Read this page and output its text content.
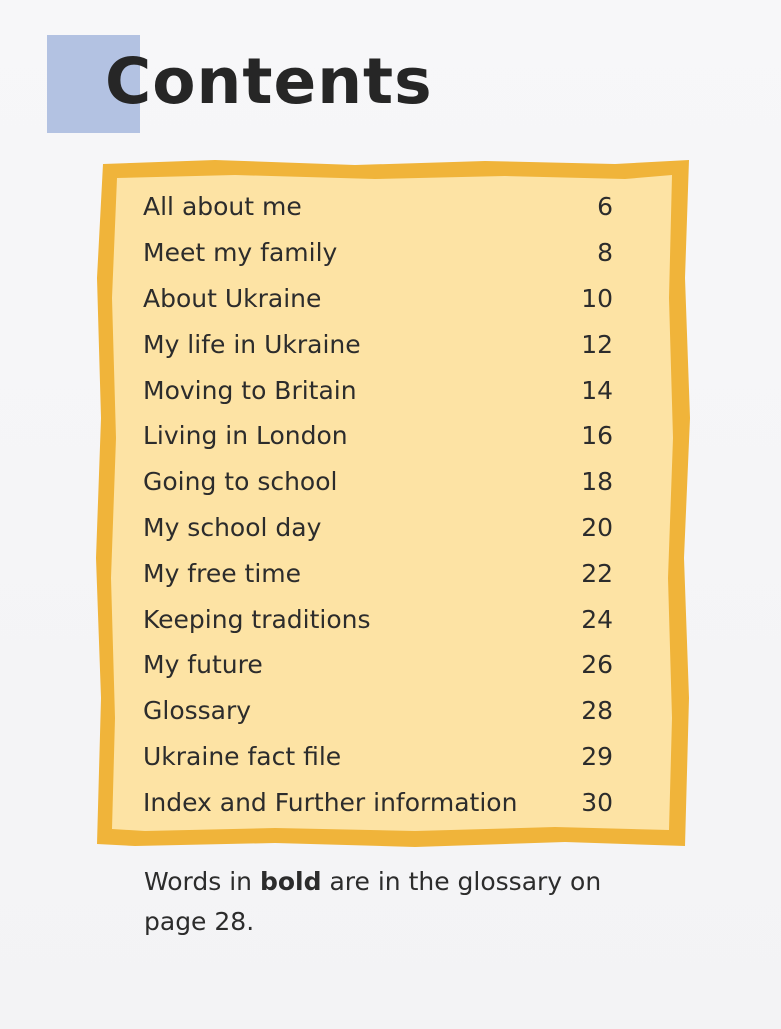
Contents
All about me	6
Meet my family	8
About Ukraine	10
My life in Ukraine	12
Moving to Britain	14
Living in London	16
Going to school	18
My school day	20
My free time	22
Keeping traditions	24
My future	26
Glossary	28
Ukraine fact file	29
Index and Further information	30

Words in bold are in the glossary on page 28.
